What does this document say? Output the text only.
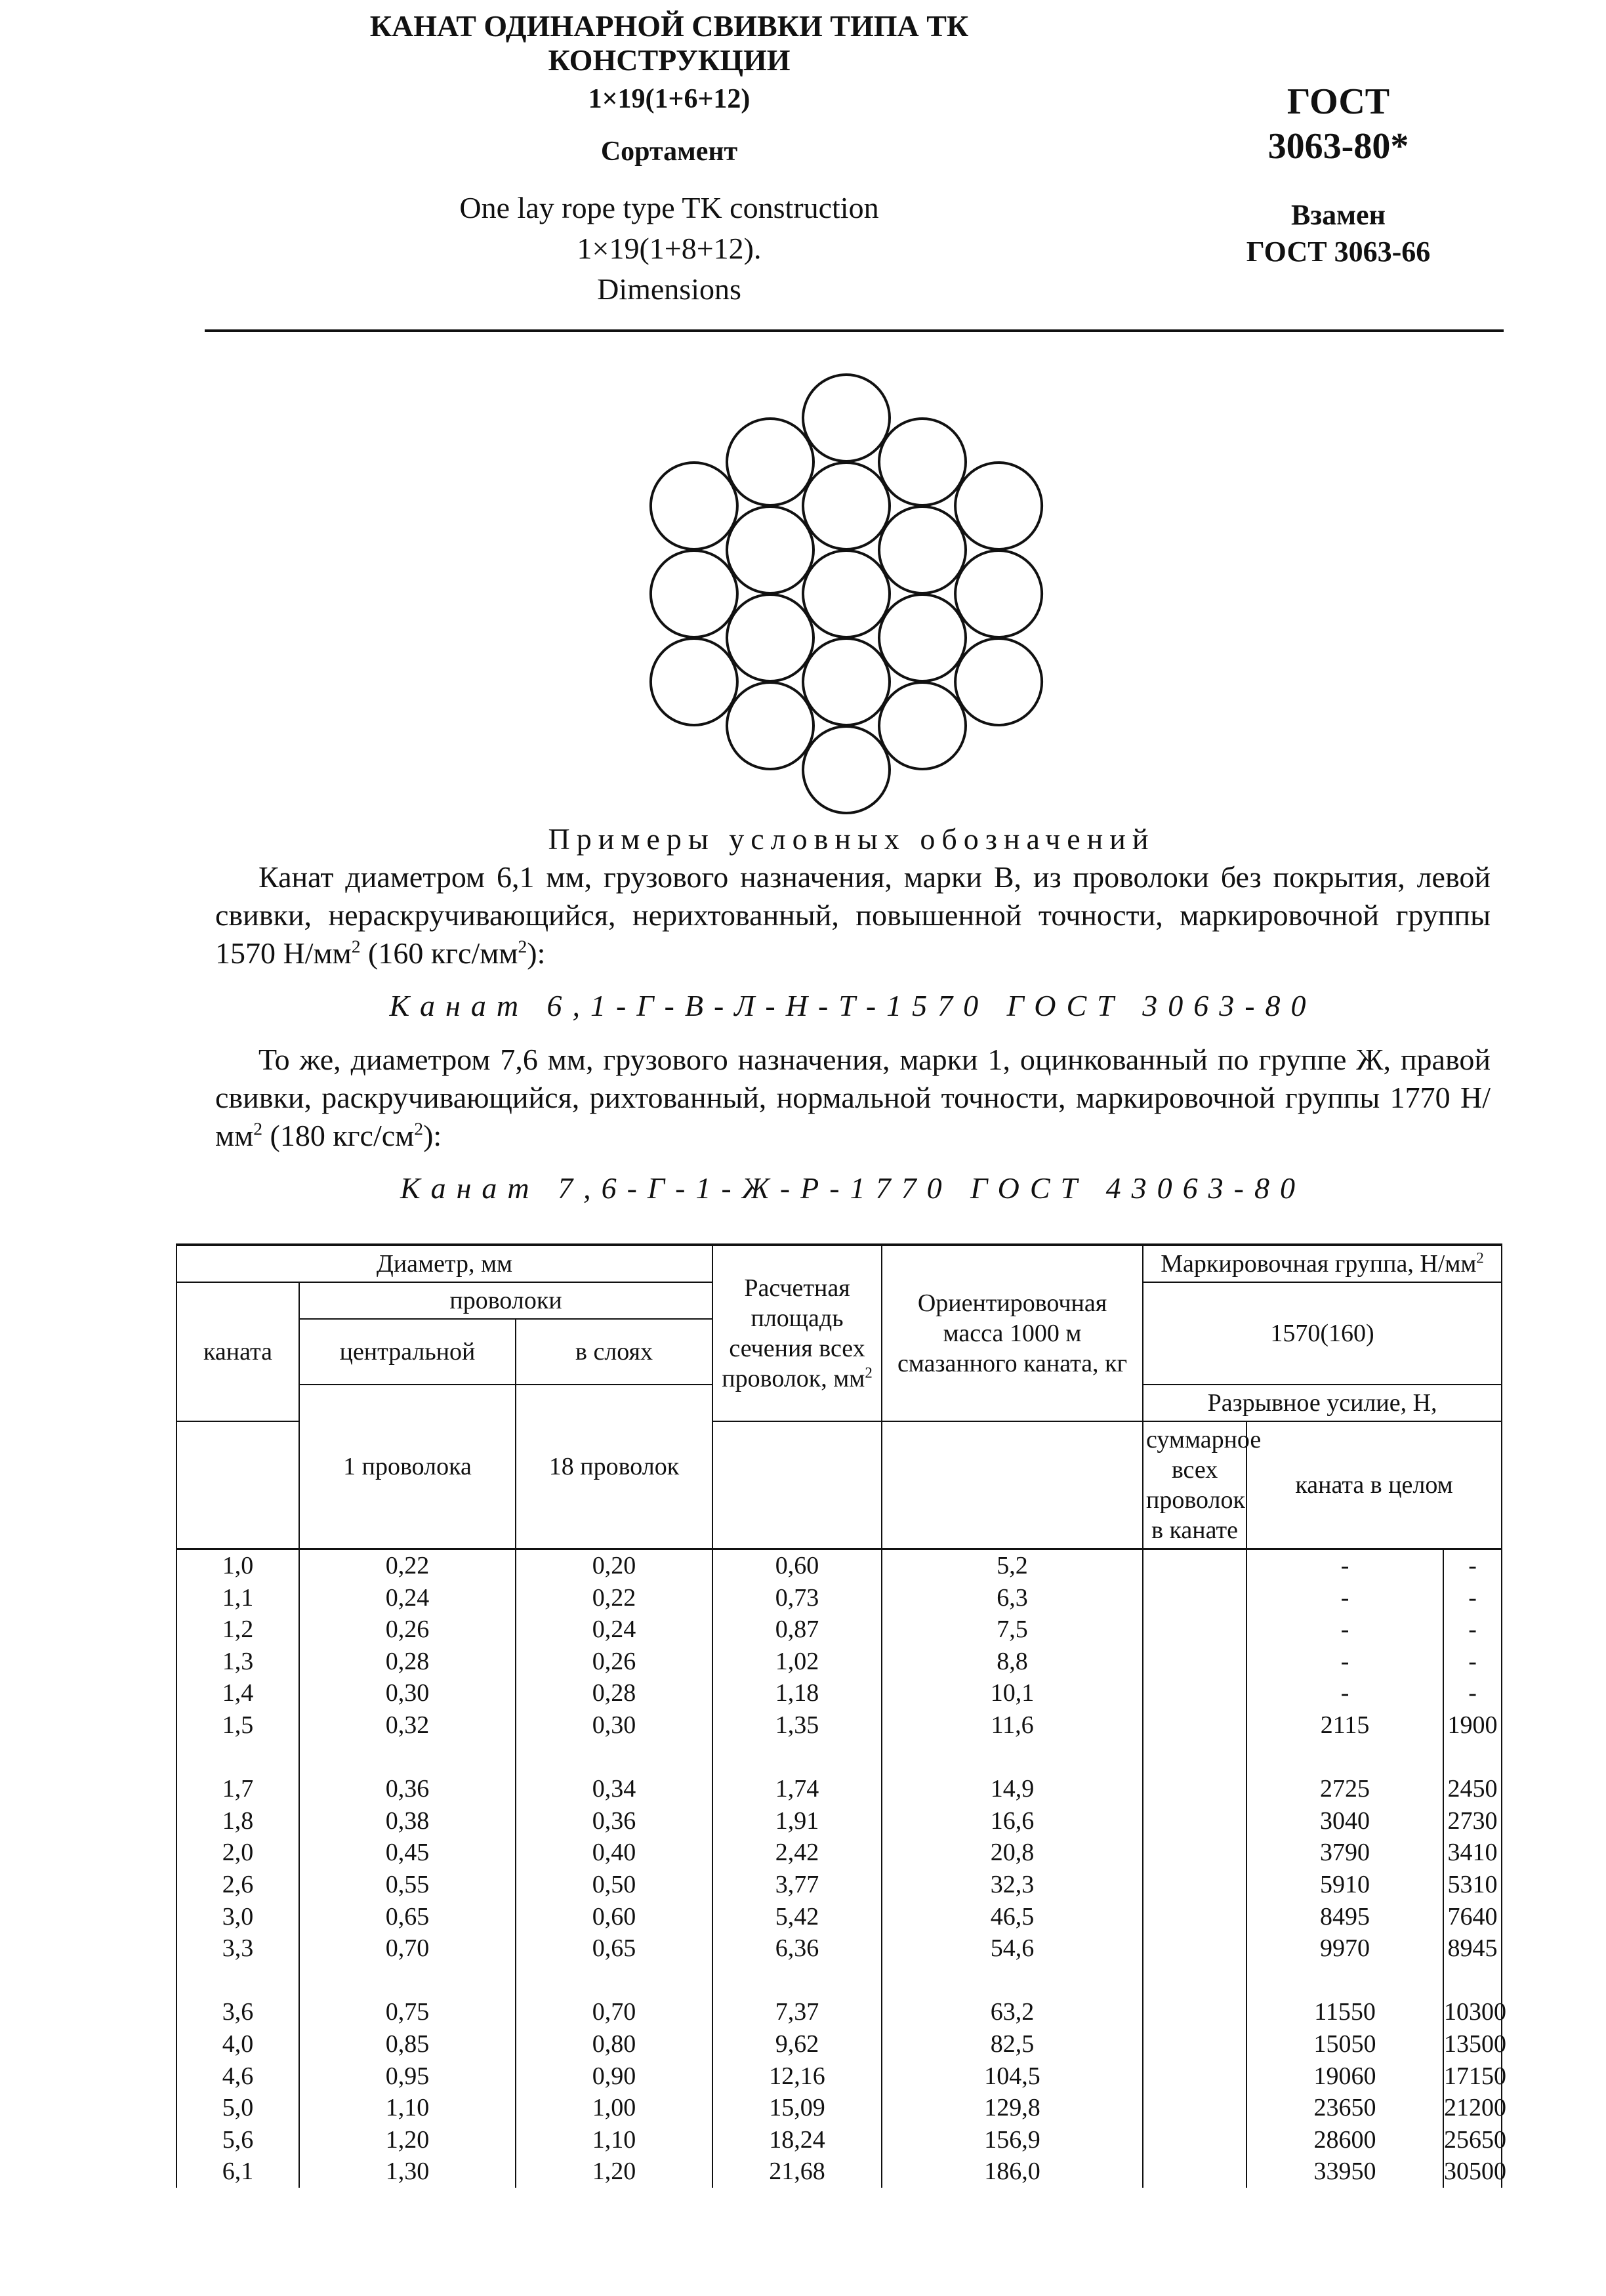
КАНАТ ОДИНАРНОЙ СВИВКИ ТИПА ТК
КОНСТРУКЦИИ
1×19(1+6+12)
Сортамент
One lay rope type TK construction
1×19(1+8+12).
Dimensions
ГОСТ
3063-80*
Взамен
ГОСТ 3063-66
Примеры условных обозначений

Канат диаметром 6,1 мм, грузового назначения, марки В, из проволоки без покрытия, левой свивки, нераскручивающийся, нерихтованный, повышенной точности, маркировочной группы 1570 $Н/мм^2$ (160 кгс/$мм^2$):

Канат 6,1-Г-В-Л-Н-Т-1570 ГОСТ 3063-80

То же, диаметром 7,6 мм, грузового назначения, марки 1, оцинкованный по группе Ж, правой свивки, раскручивающийся, рихтованный, нормальной точности, маркировочной группы 1770 $Н/мм^2$ (180 кгс/$см^2$):

Канат 7,6-Г-1-Ж-Р-1770 ГОСТ 43063-80
Диаметр, мм			Расчетная площадь сечения всех проволок, $мм^2$	Ориентировочная масса 1000 м смазанного каната, кг	Маркировочная группа, $Н/мм^2$
каната	проволоки				1570(160)		
	центральной	в слоях					
	1 проволока	18 проволок			Разрывное усилие, Н,		
					суммарное всех проволок в канате	каната в целом	
1,0	0,22	0,20	0,60	5,2		-	-
1,1	0,24	0,22	0,73	6,3		-	-
1,2	0,26	0,24	0,87	7,5		-	-
1,3	0,28	0,26	1,02	8,8		-	-
1,4	0,30	0,28	1,18	10,1		-	-
1,5	0,32	0,30	1,35	11,6		2115	1900

1,7	0,36	0,34	1,74	14,9		2725	2450
1,8	0,38	0,36	1,91	16,6		3040	2730
2,0	0,45	0,40	2,42	20,8		3790	3410
2,6	0,55	0,50	3,77	32,3		5910	5310
3,0	0,65	0,60	5,42	46,5		8495	7640
3,3	0,70	0,65	6,36	54,6		9970	8945

3,6	0,75	0,70	7,37	63,2		11550	10300
4,0	0,85	0,80	9,62	82,5		15050	13500
4,6	0,95	0,90	12,16	104,5		19060	17150
5,0	1,10	1,00	15,09	129,8		23650	21200
5,6	1,20	1,10	18,24	156,9		28600	25650
6,1	1,30	1,20	21,68	186,0		33950	30500
